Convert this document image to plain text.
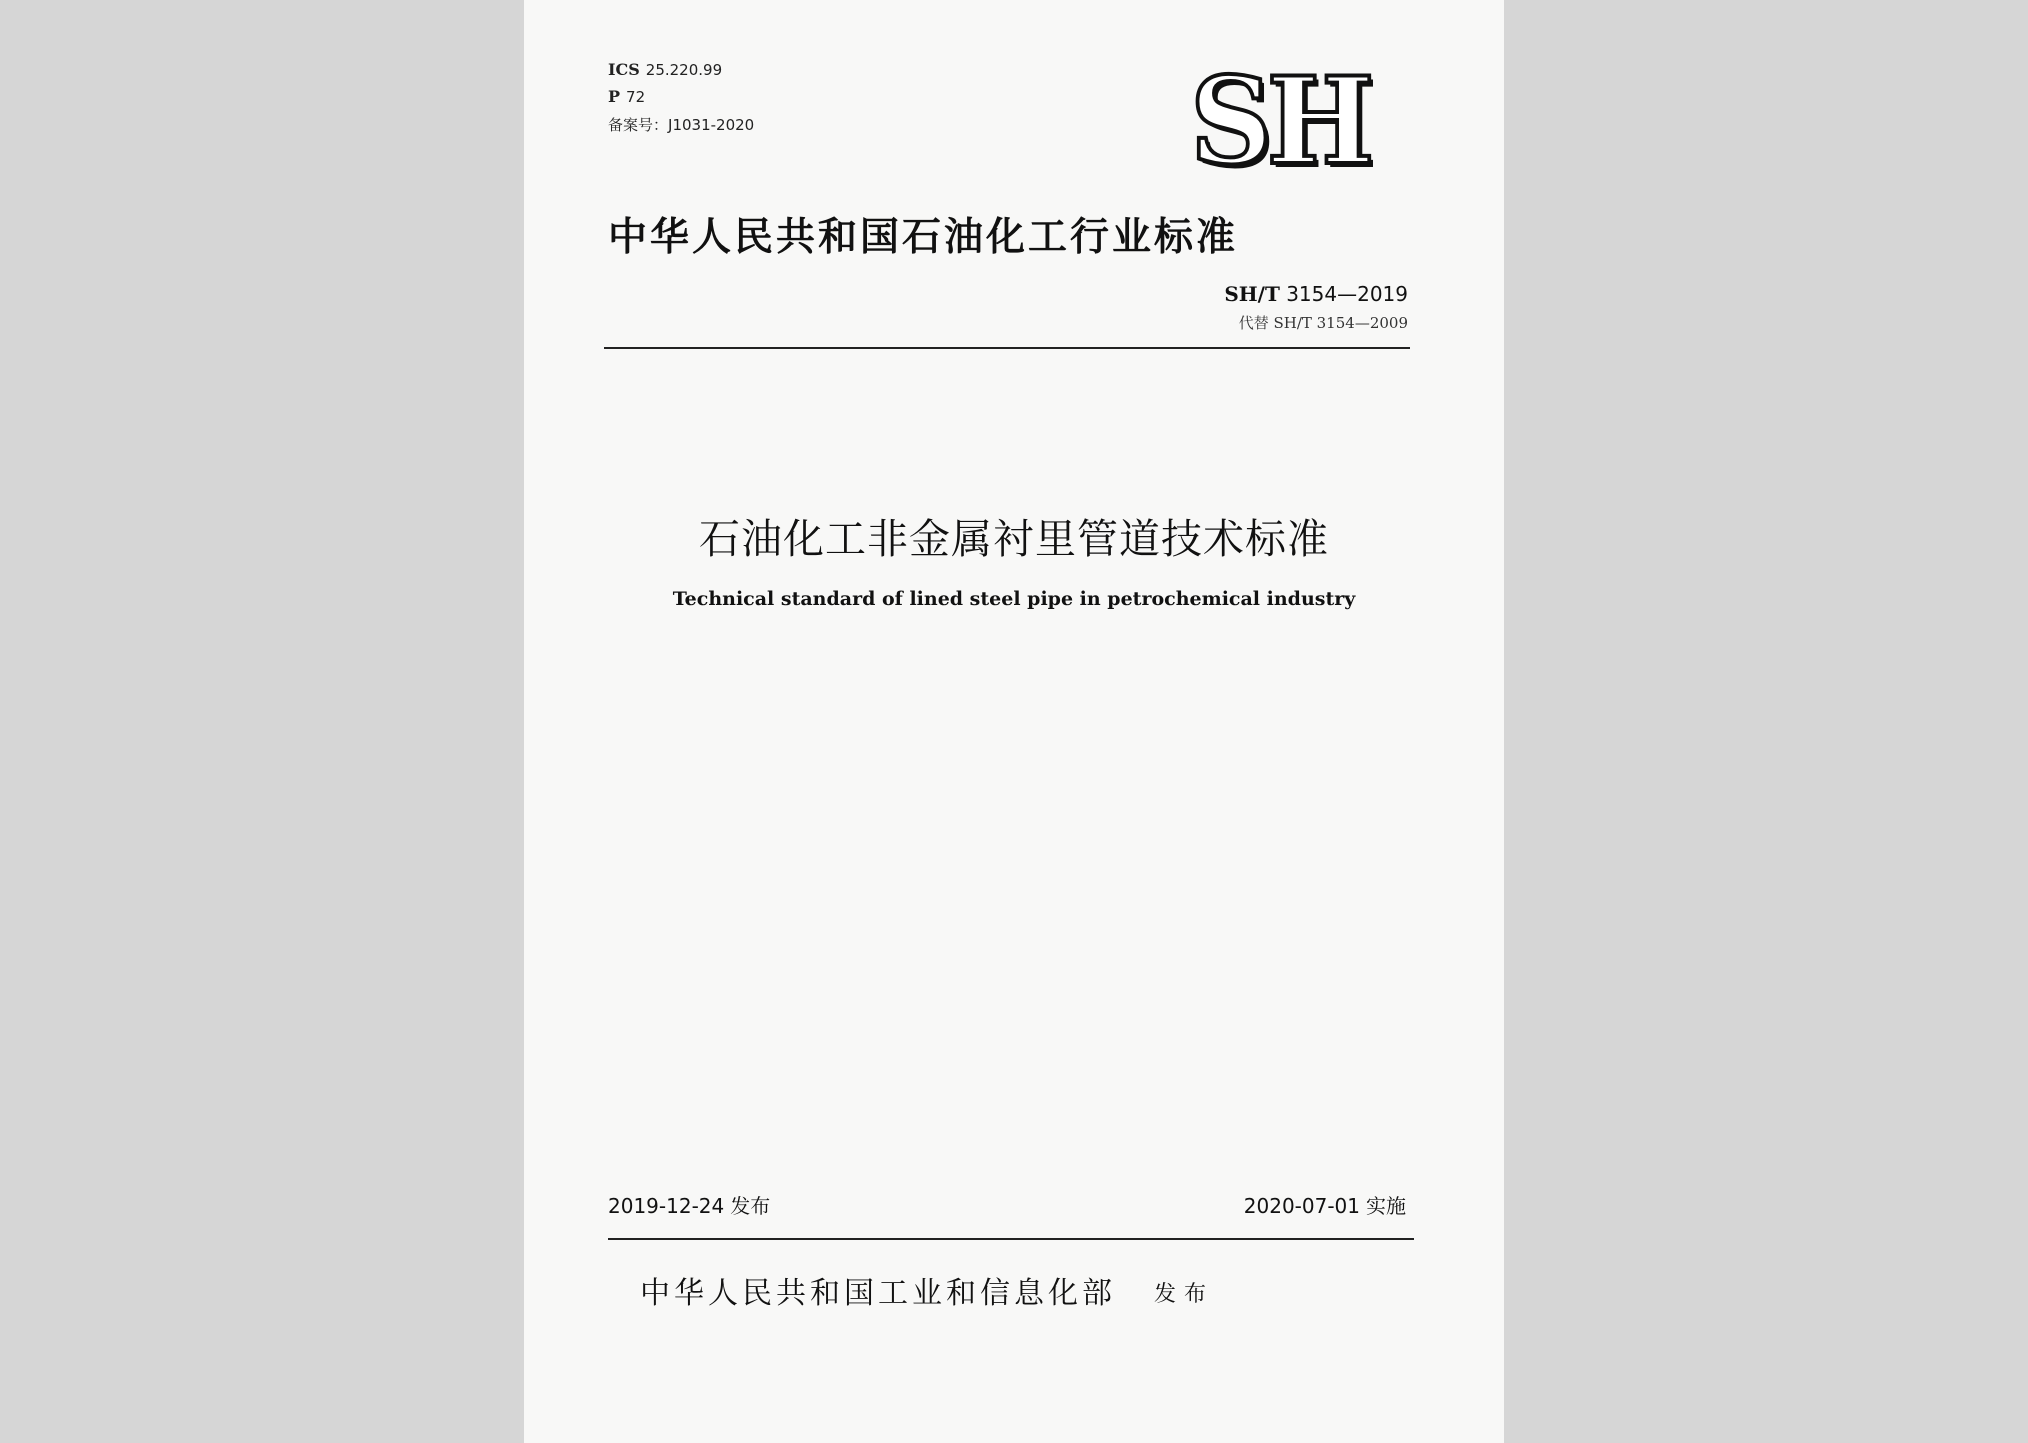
ICS 25.220.99
P 72
备案号：J1031-2020	SH
中华人民共和国石油化工行业标准
SH/T 3154—2019
代替 SH/T 3154—2009
石油化工非金属衬里管道技术标准
Technical standard of lined steel pipe in petrochemical industry
2019-12-24 发布	2020-07-01 实施
中华人民共和国工业和信息化部 发布
